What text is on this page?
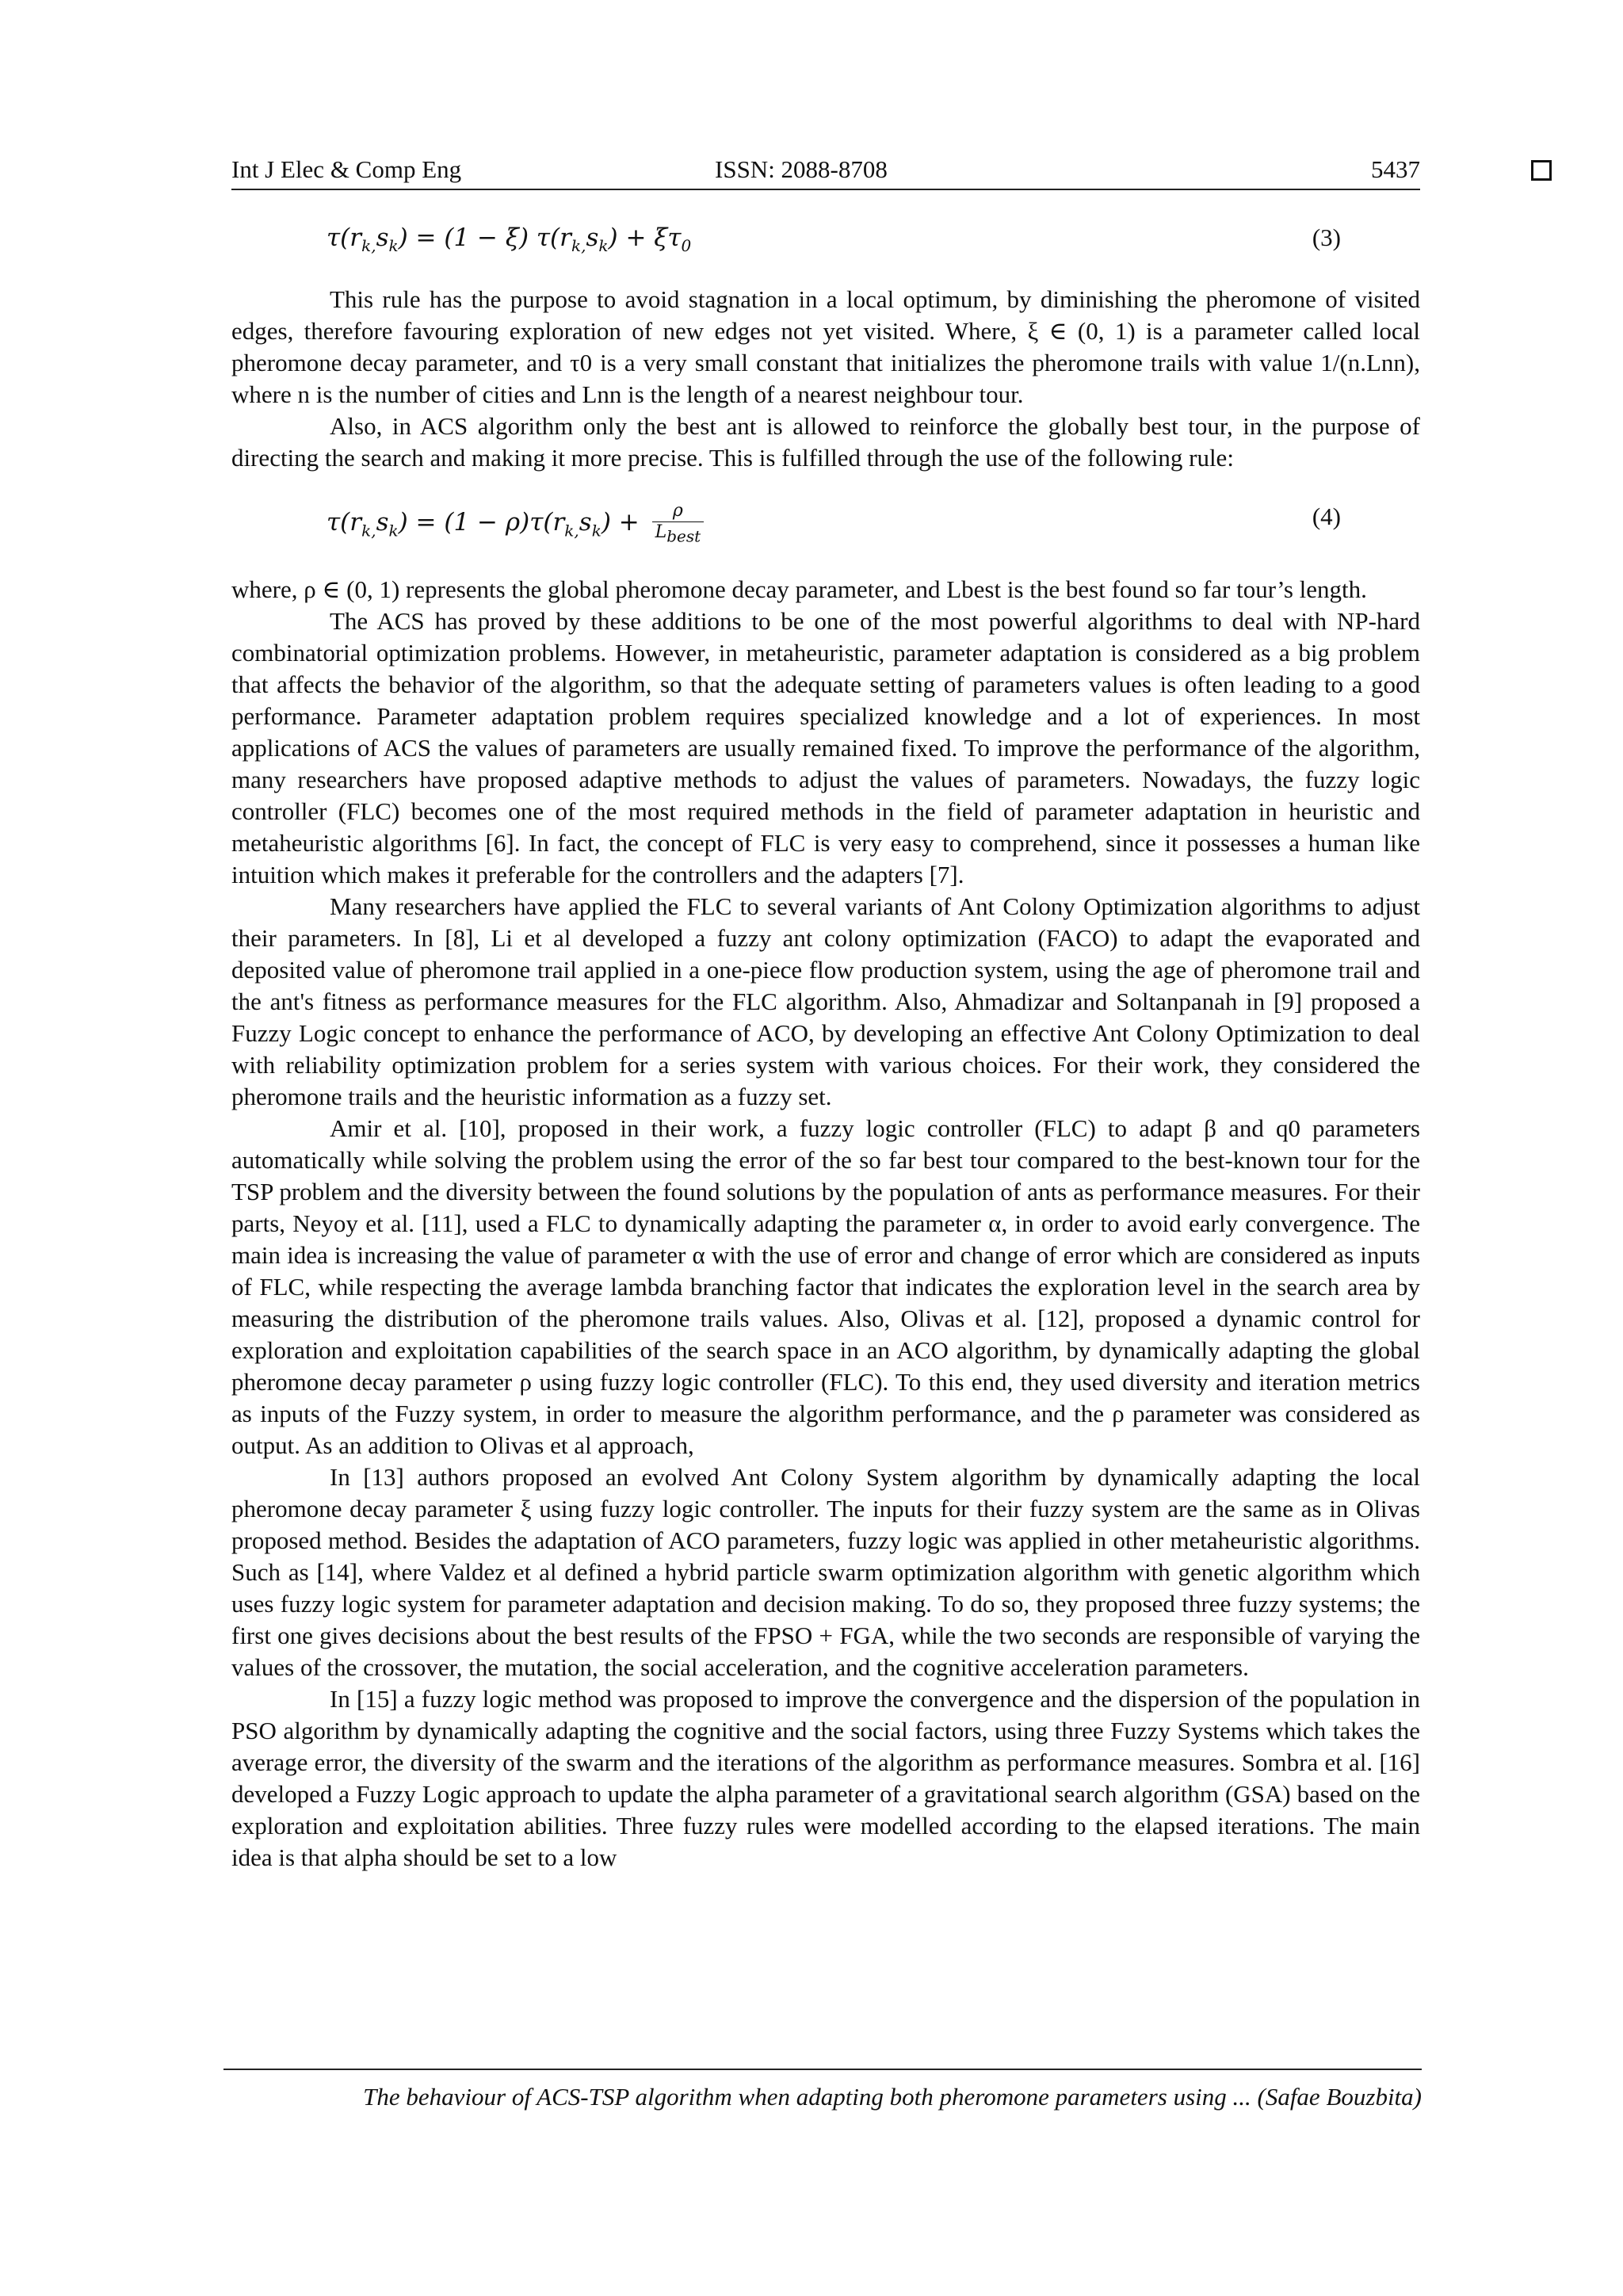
Int J Elec & Comp Eng	ISSN: 2088-8708	5437
$\tau(r_{k,}s_k) = (1 - \xi) \tau(r_{k,}s_k) + \xi\tau_0$	(3)

This rule has the purpose to avoid stagnation in a local optimum, by diminishing the pheromone of visited edges, therefore favouring exploration of new edges not yet visited. Where, ξ ∈ (0, 1) is a parameter called local pheromone decay parameter, and τ0 is a very small constant that initializes the pheromone trails with value 1/(n.Lnn), where n is the number of cities and Lnn is the length of a nearest neighbour tour.

Also, in ACS algorithm only the best ant is allowed to reinforce the globally best tour, in the purpose of directing the search and making it more precise. This is fulfilled through the use of the following rule:

$\tau(r_{k,}s_k) = (1 - \rho)\tau(r_{k,}s_k) + \frac{\rho}{L_{best}}$	(4)

where, ρ ∈ (0, 1) represents the global pheromone decay parameter, and Lbest is the best found so far tour’s length.

The ACS has proved by these additions to be one of the most powerful algorithms to deal with NP-hard combinatorial optimization problems. However, in metaheuristic, parameter adaptation is considered as a big problem that affects the behavior of the algorithm, so that the adequate setting of parameters values is often leading to a good performance. Parameter adaptation problem requires specialized knowledge and a lot of experiences. In most applications of ACS the values of parameters are usually remained fixed. To improve the performance of the algorithm, many researchers have proposed adaptive methods to adjust the values of parameters. Nowadays, the fuzzy logic controller (FLC) becomes one of the most required methods in the field of parameter adaptation in heuristic and metaheuristic algorithms [6]. In fact, the concept of FLC is very easy to comprehend, since it possesses a human like intuition which makes it preferable for the controllers and the adapters [7].

Many researchers have applied the FLC to several variants of Ant Colony Optimization algorithms to adjust their parameters. In [8], Li et al developed a fuzzy ant colony optimization (FACO) to adapt the evaporated and deposited value of pheromone trail applied in a one-piece flow production system, using the age of pheromone trail and the ant's fitness as performance measures for the FLC algorithm. Also, Ahmadizar and Soltanpanah in [9] proposed a Fuzzy Logic concept to enhance the performance of ACO, by developing an effective Ant Colony Optimization to deal with reliability optimization problem for a series system with various choices. For their work, they considered the pheromone trails and the heuristic information as a fuzzy set.

Amir et al. [10], proposed in their work, a fuzzy logic controller (FLC) to adapt β and q0 parameters automatically while solving the problem using the error of the so far best tour compared to the best-known tour for the TSP problem and the diversity between the found solutions by the population of ants as performance measures. For their parts, Neyoy et al. [11], used a FLC to dynamically adapting the parameter α, in order to avoid early convergence. The main idea is increasing the value of parameter α with the use of error and change of error which are considered as inputs of FLC, while respecting the average lambda branching factor that indicates the exploration level in the search area by measuring the distribution of the pheromone trails values. Also, Olivas et al. [12], proposed a dynamic control for exploration and exploitation capabilities of the search space in an ACO algorithm, by dynamically adapting the global pheromone decay parameter ρ using fuzzy logic controller (FLC). To this end, they used diversity and iteration metrics as inputs of the Fuzzy system, in order to measure the algorithm performance, and the ρ parameter was considered as output. As an addition to Olivas et al approach,

In [13] authors proposed an evolved Ant Colony System algorithm by dynamically adapting the local pheromone decay parameter ξ using fuzzy logic controller. The inputs for their fuzzy system are the same as in Olivas proposed method. Besides the adaptation of ACO parameters, fuzzy logic was applied in other metaheuristic algorithms. Such as [14], where Valdez et al defined a hybrid particle swarm optimization algorithm with genetic algorithm which uses fuzzy logic system for parameter adaptation and decision making. To do so, they proposed three fuzzy systems; the first one gives decisions about the best results of the FPSO + FGA, while the two seconds are responsible of varying the values of the crossover, the mutation, the social acceleration, and the cognitive acceleration parameters.

In [15] a fuzzy logic method was proposed to improve the convergence and the dispersion of the population in PSO algorithm by dynamically adapting the cognitive and the social factors, using three Fuzzy Systems which takes the average error, the diversity of the swarm and the iterations of the algorithm as performance measures. Sombra et al. [16] developed a Fuzzy Logic approach to update the alpha parameter of a gravitational search algorithm (GSA) based on the exploration and exploitation abilities. Three fuzzy rules were modelled according to the elapsed iterations. The main idea is that alpha should be set to a low

The behaviour of ACS-TSP algorithm when adapting both pheromone parameters using ... (Safae Bouzbita)
